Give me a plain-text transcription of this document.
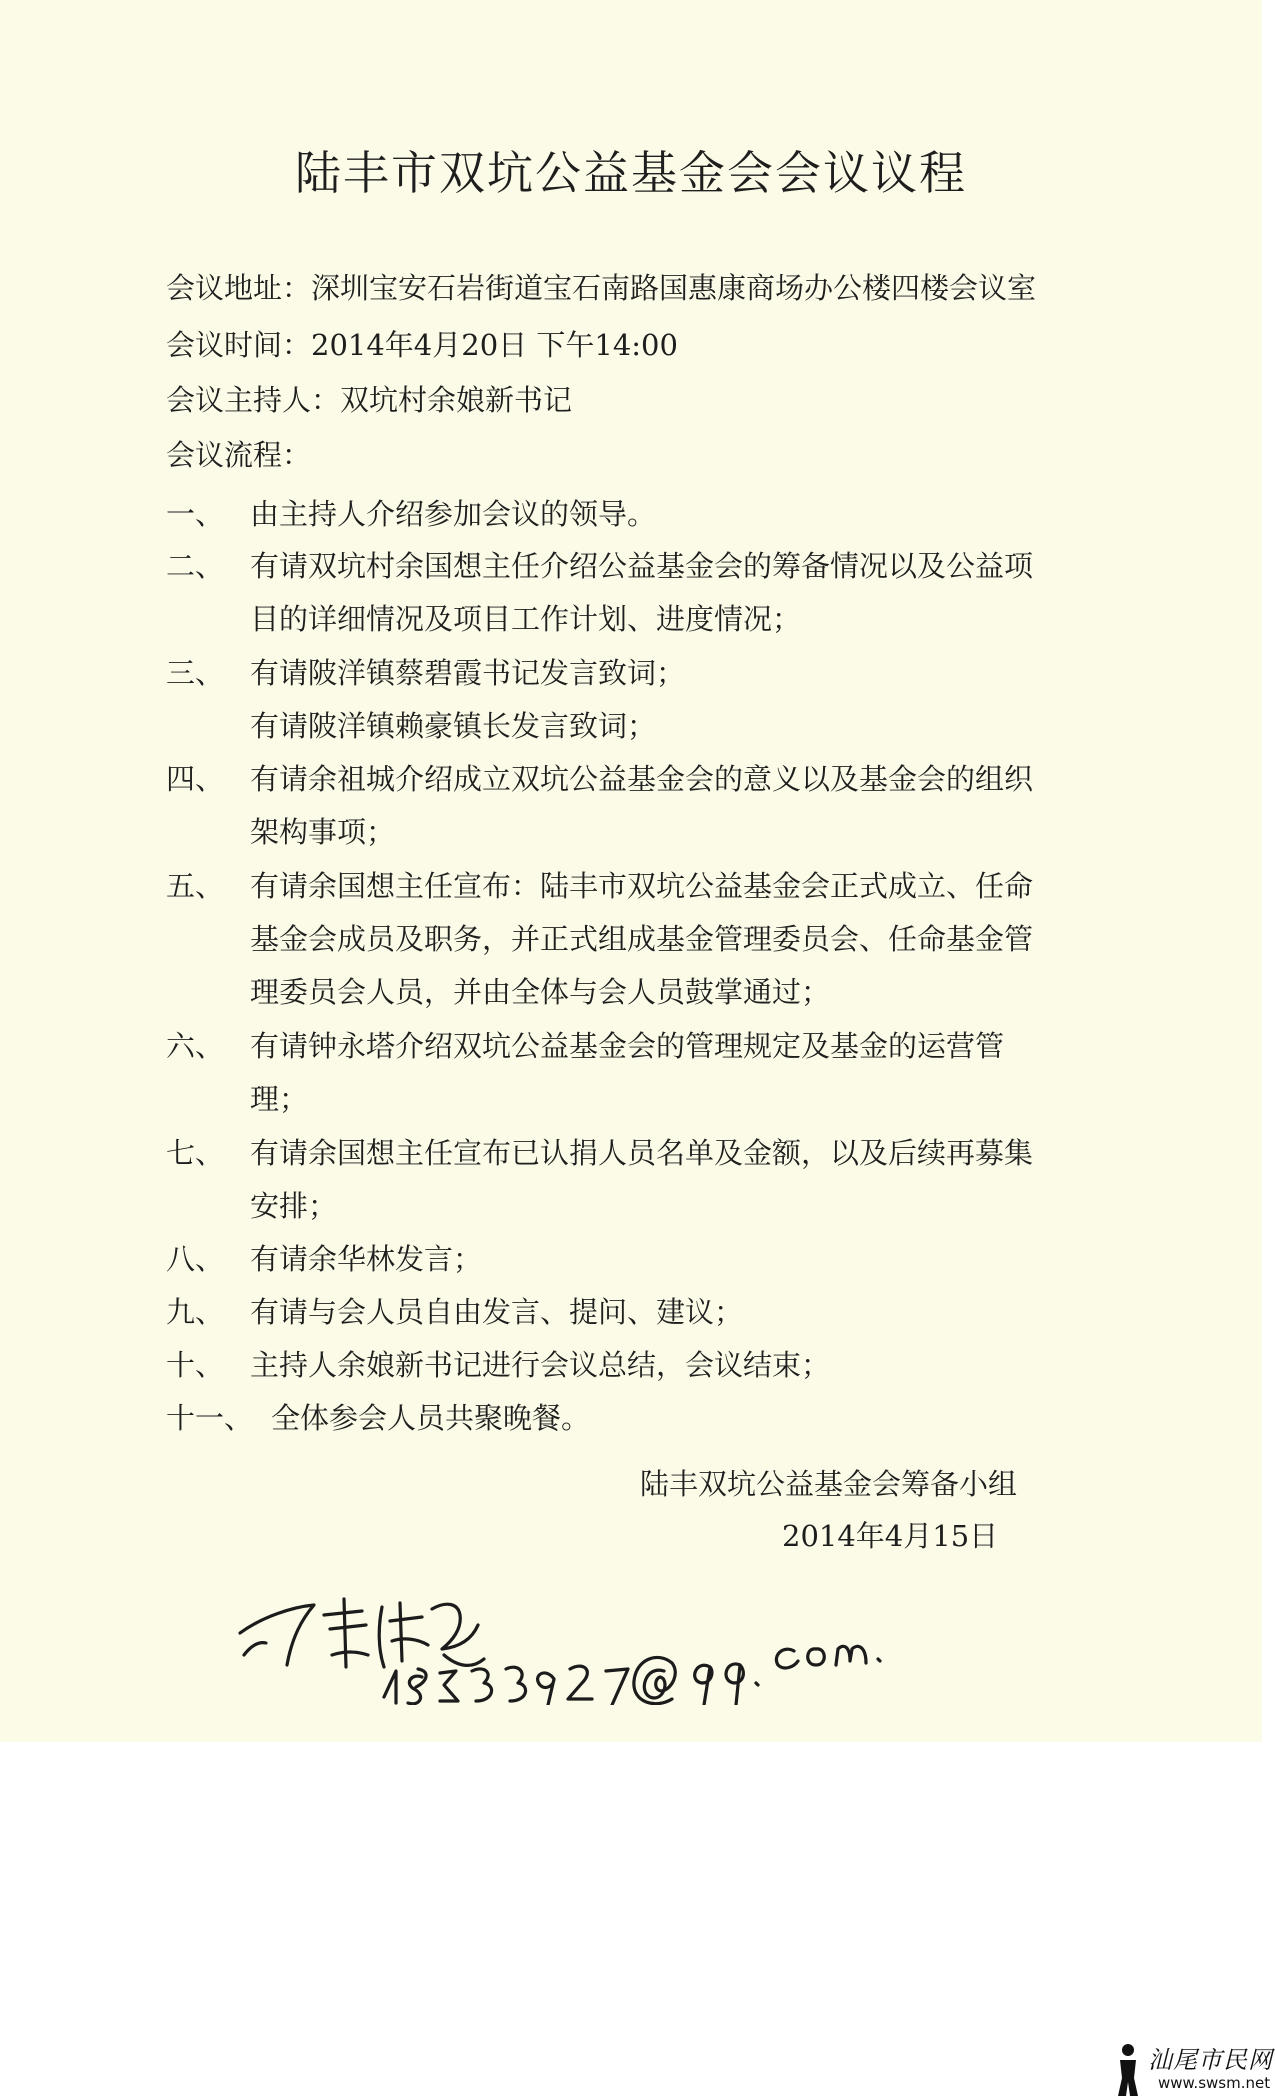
陆丰市双坑公益基金会会议议程
会议地址：深圳宝安石岩街道宝石南路国惠康商场办公楼四楼会议室
会议时间：2014年4月20日 下午14:00
会议主持人：双坑村余娘新书记
会议流程：
一、 由主持人介绍参加会议的领导。
二、 有请双坑村余国想主任介绍公益基金会的筹备情况以及公益项目的详细情况及项目工作计划、进度情况；
三、 有请陂洋镇蔡碧霞书记发言致词；
有请陂洋镇赖豪镇长发言致词；
四、 有请余祖城介绍成立双坑公益基金会的意义以及基金会的组织架构事项；
五、 有请余国想主任宣布：陆丰市双坑公益基金会正式成立、任命基金会成员及职务，并正式组成基金管理委员会、任命基金管理委员会人员，并由全体与会人员鼓掌通过；
六、 有请钟永塔介绍双坑公益基金会的管理规定及基金的运营管理；
七、 有请余国想主任宣布已认捐人员名单及金额，以及后续再募集安排；
八、 有请余华林发言；
九、 有请与会人员自由发言、提问、建议；
十、 主持人余娘新书记进行会议总结，会议结束；
十一、 全体参会人员共聚晚餐。
陆丰双坑公益基金会筹备小组
2014年4月15日
汕尾市民网
www.swsm.net
